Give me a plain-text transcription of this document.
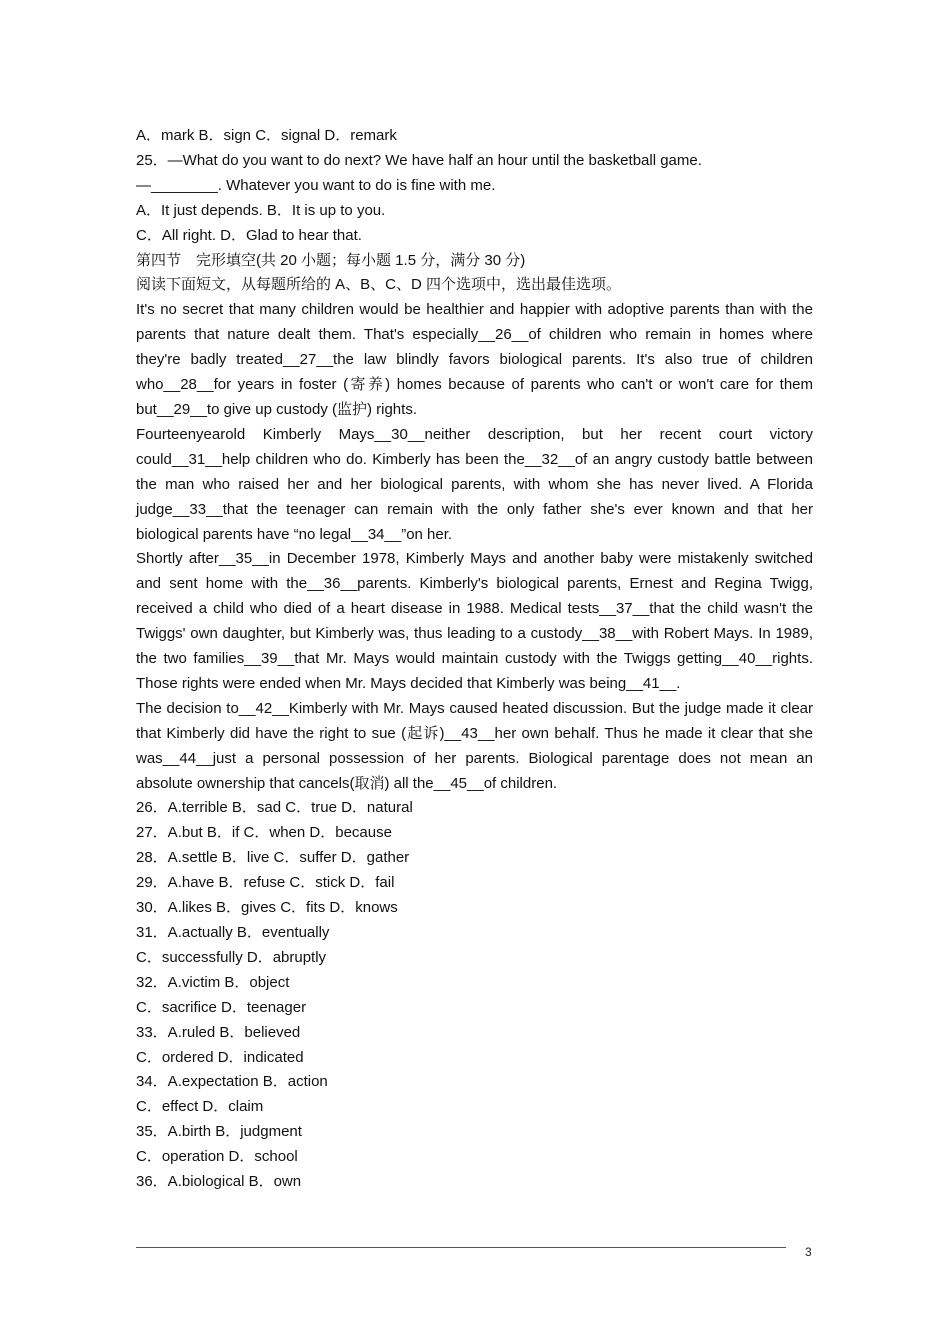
A．mark B．sign C．signal D．remark

25．—What do you want to do next? We have half an hour until the basketball game.

—________. Whatever you want to do is fine with me.

A．It just depends. B．It is up to you.

C．All right. D．Glad to hear that.

第四节　完形填空(共 20 小题；每小题 1.5 分，满分 30 分)

阅读下面短文，从每题所给的 A、B、C、D 四个选项中，选出最佳选项。

It's no secret that many children would be healthier and happier with adoptive parents than with the parents that nature dealt them. That's especially__26__of children who remain in homes where they're badly treated__27__the law blindly favors biological parents. It's also true of children who__28__for years in foster (寄养) homes because of parents who can't or won't care for them but__29__to give up custody (监护) rights.

Fourteenyearold Kimberly Mays__30__neither description, but her recent court victory could__31__help children who do. Kimberly has been the__32__of an angry custody battle between the man who raised her and her biological parents, with whom she has never lived. A Florida judge__33__that the teenager can remain with the only father she's ever known and that her biological parents have “no legal__34__”on her.

Shortly after__35__in December 1978, Kimberly Mays and another baby were mistakenly switched and sent home with the__36__parents. Kimberly's biological parents, Ernest and Regina Twigg, received a child who died of a heart disease in 1988. Medical tests__37__that the child wasn't the Twiggs' own daughter, but Kimberly was, thus leading to a custody__38__with Robert Mays. In 1989, the two families__39__that Mr. Mays would maintain custody with the Twiggs getting__40__rights. Those rights were ended when Mr. Mays decided that Kimberly was being__41__.

The decision to__42__Kimberly with Mr. Mays caused heated discussion. But the judge made it clear that Kimberly did have the right to sue (起诉)__43__her own behalf. Thus he made it clear that she was__44__just a personal possession of her parents. Biological parentage does not mean an absolute ownership that cancels(取消) all the__45__of children.

26．A.terrible B．sad C．true D．natural

27．A.but B．if C．when D．because

28．A.settle B．live C．suffer D．gather

29．A.have B．refuse C．stick D．fail

30．A.likes B．gives C．fits D．knows

31．A.actually B．eventually

C．successfully D．abruptly

32．A.victim B．object

C．sacrifice D．teenager

33．A.ruled B．believed

C．ordered D．indicated

34．A.expectation B．action

C．effect D．claim

35．A.birth B．judgment

C．operation D．school

36．A.biological B．own

3
